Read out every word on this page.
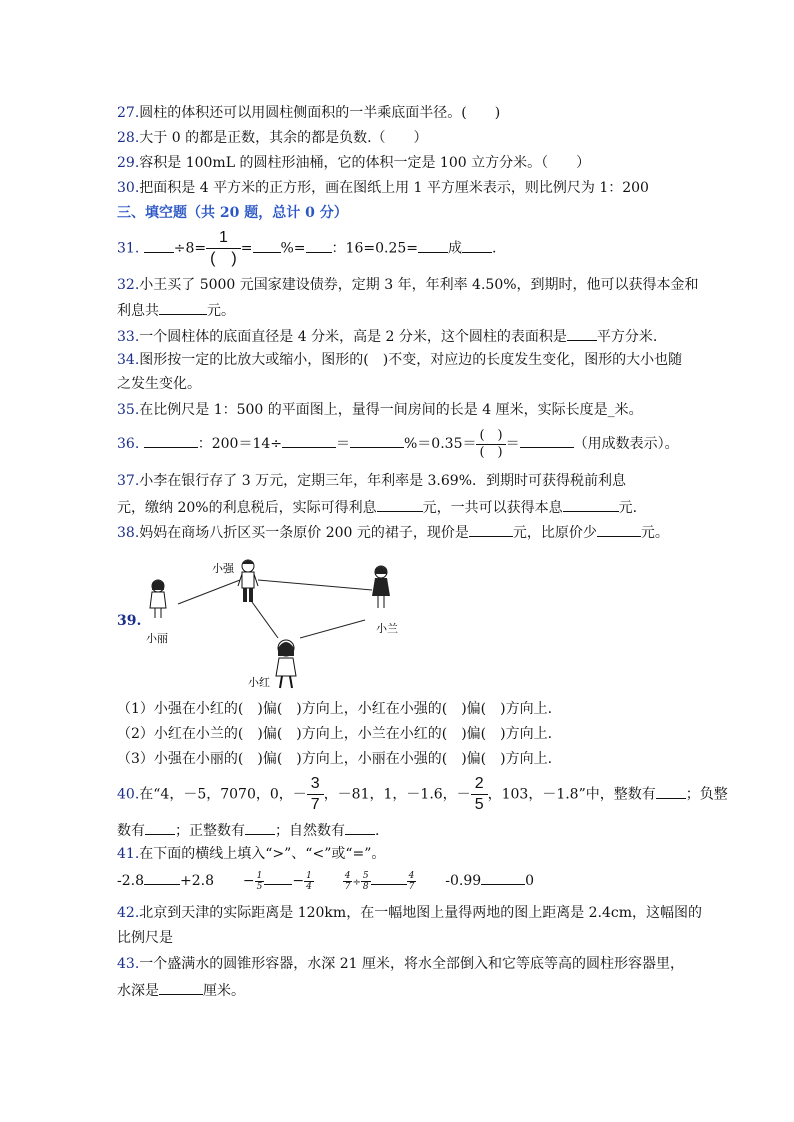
27.圆柱的体积还可以用圆柱侧面积的一半乘底面半径。(　　)
28.大于 0 的都是正数，其余的都是负数.（　　）
29.容积是 100mL 的圆柱形油桶，它的体积一定是 100 立方分米。（　　）
30.把面积是 4 平方米的正方形，画在图纸上用 1 平方厘米表示，则比例尺为 1：200
三、填空题（共 20 题，总计 0 分）
31. ÷8=
1
(　)
= %= ：16=0.25= 成 .
32.小王买了 5000 元国家建设债券，定期 3 年，年利率 4.50%，到期时，他可以获得本金和
利息共	元。
33.一个圆柱体的底面直径是 4 分米，高是 2 分米，这个圆柱的表面积是 平方分米.
34.图形按一定的比放大或缩小，图形的(　)不变，对应边的长度发生变化，图形的大小也随
之发生变化。
35.在比例尺是 1：500 的平面图上，量得一间房间的长是 4 厘米，实际长度是_米。
36.	：200＝14÷	＝	$\%=0.35= \frac{( )}{( )}$ ＝	（用成数表示）。
37.小李在银行存了 3 万元，定期三年，年利率是 3.69%．到期时可获得税前利息
元，缴纳 20%的利息税后，实际可得利息	元，一共可以获得本息	元.
38.妈妈在商场八折区买一条原价 200 元的裙子，现价是	元，比原价少	元。
39.
小强
小丽
小兰
小红
（1）小强在小红的(　)偏(　)方向上，小红在小强的(　)偏(　)方向上.
（2）小红在小兰的(　)偏(　)方向上，小兰在小红的(　)偏(　)方向上.
（3）小强在小丽的(　)偏(　)方向上，小丽在小强的(　)偏(　)方向上.
40.在“4，－5，7070，0，－ $\frac{3}{7}$ ，－81，1，－1.6，－ $\frac{2}{5}$ ，103，－1.8”中，整数有 ；负整
数有 ；正整数有 ；自然数有 .
41.在下面的横线上填入“>”、“<”或“=”。
-2.8	$+2.8 - \frac{1}{5} - \frac{1}{4}$
	$\frac{4}{7} \div \frac{5}{8}$	$\frac{4}{7} -0.99$	0
42.北京到天津的实际距离是 120km，在一幅地图上量得两地的图上距离是 2.4cm，这幅图的
比例尺是
43.一个盛满水的圆锥形容器，水深 21 厘米，将水全部倒入和它等底等高的圆柱形容器里，
水深是	厘米。
